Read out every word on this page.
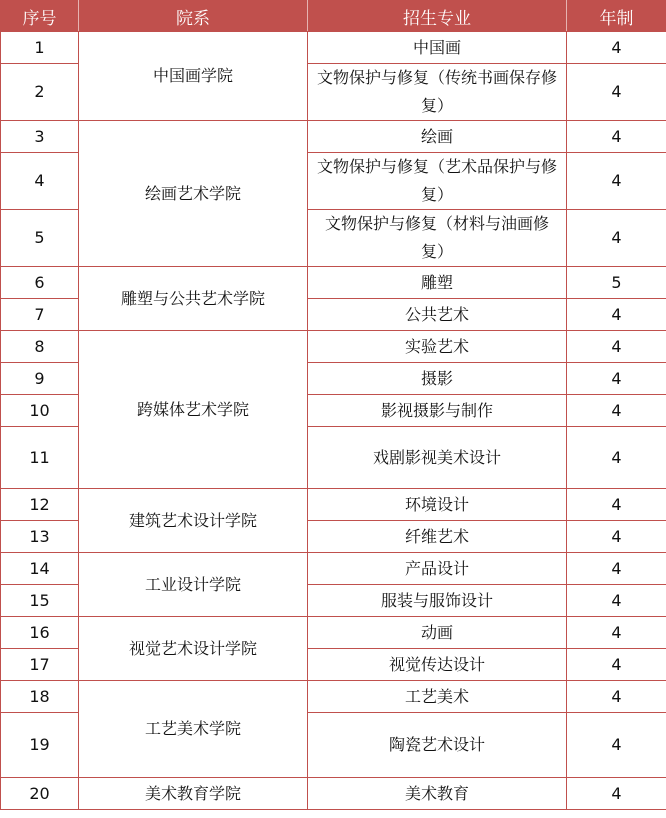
序号	院系	招生专业	年制
1	中国画学院	中国画	4
2		文物保护与修复（传统书画保存修复）	4
3	绘画艺术学院	绘画	4
4		文物保护与修复（艺术品保护与修复）	4
5		文物保护与修复（材料与油画修复）	4
6	雕塑与公共艺术学院	雕塑	5
7		公共艺术	4
8	跨媒体艺术学院	实验艺术	4
9		摄影	4
10		影视摄影与制作	4
11		戏剧影视美术设计	4
12	建筑艺术设计学院	环境设计	4
13		纤维艺术	4
14	工业设计学院	产品设计	4
15		服装与服饰设计	4
16	视觉艺术设计学院	动画	4
17		视觉传达设计	4
18	工艺美术学院	工艺美术	4
19		陶瓷艺术设计	4
20	美术教育学院	美术教育	4
